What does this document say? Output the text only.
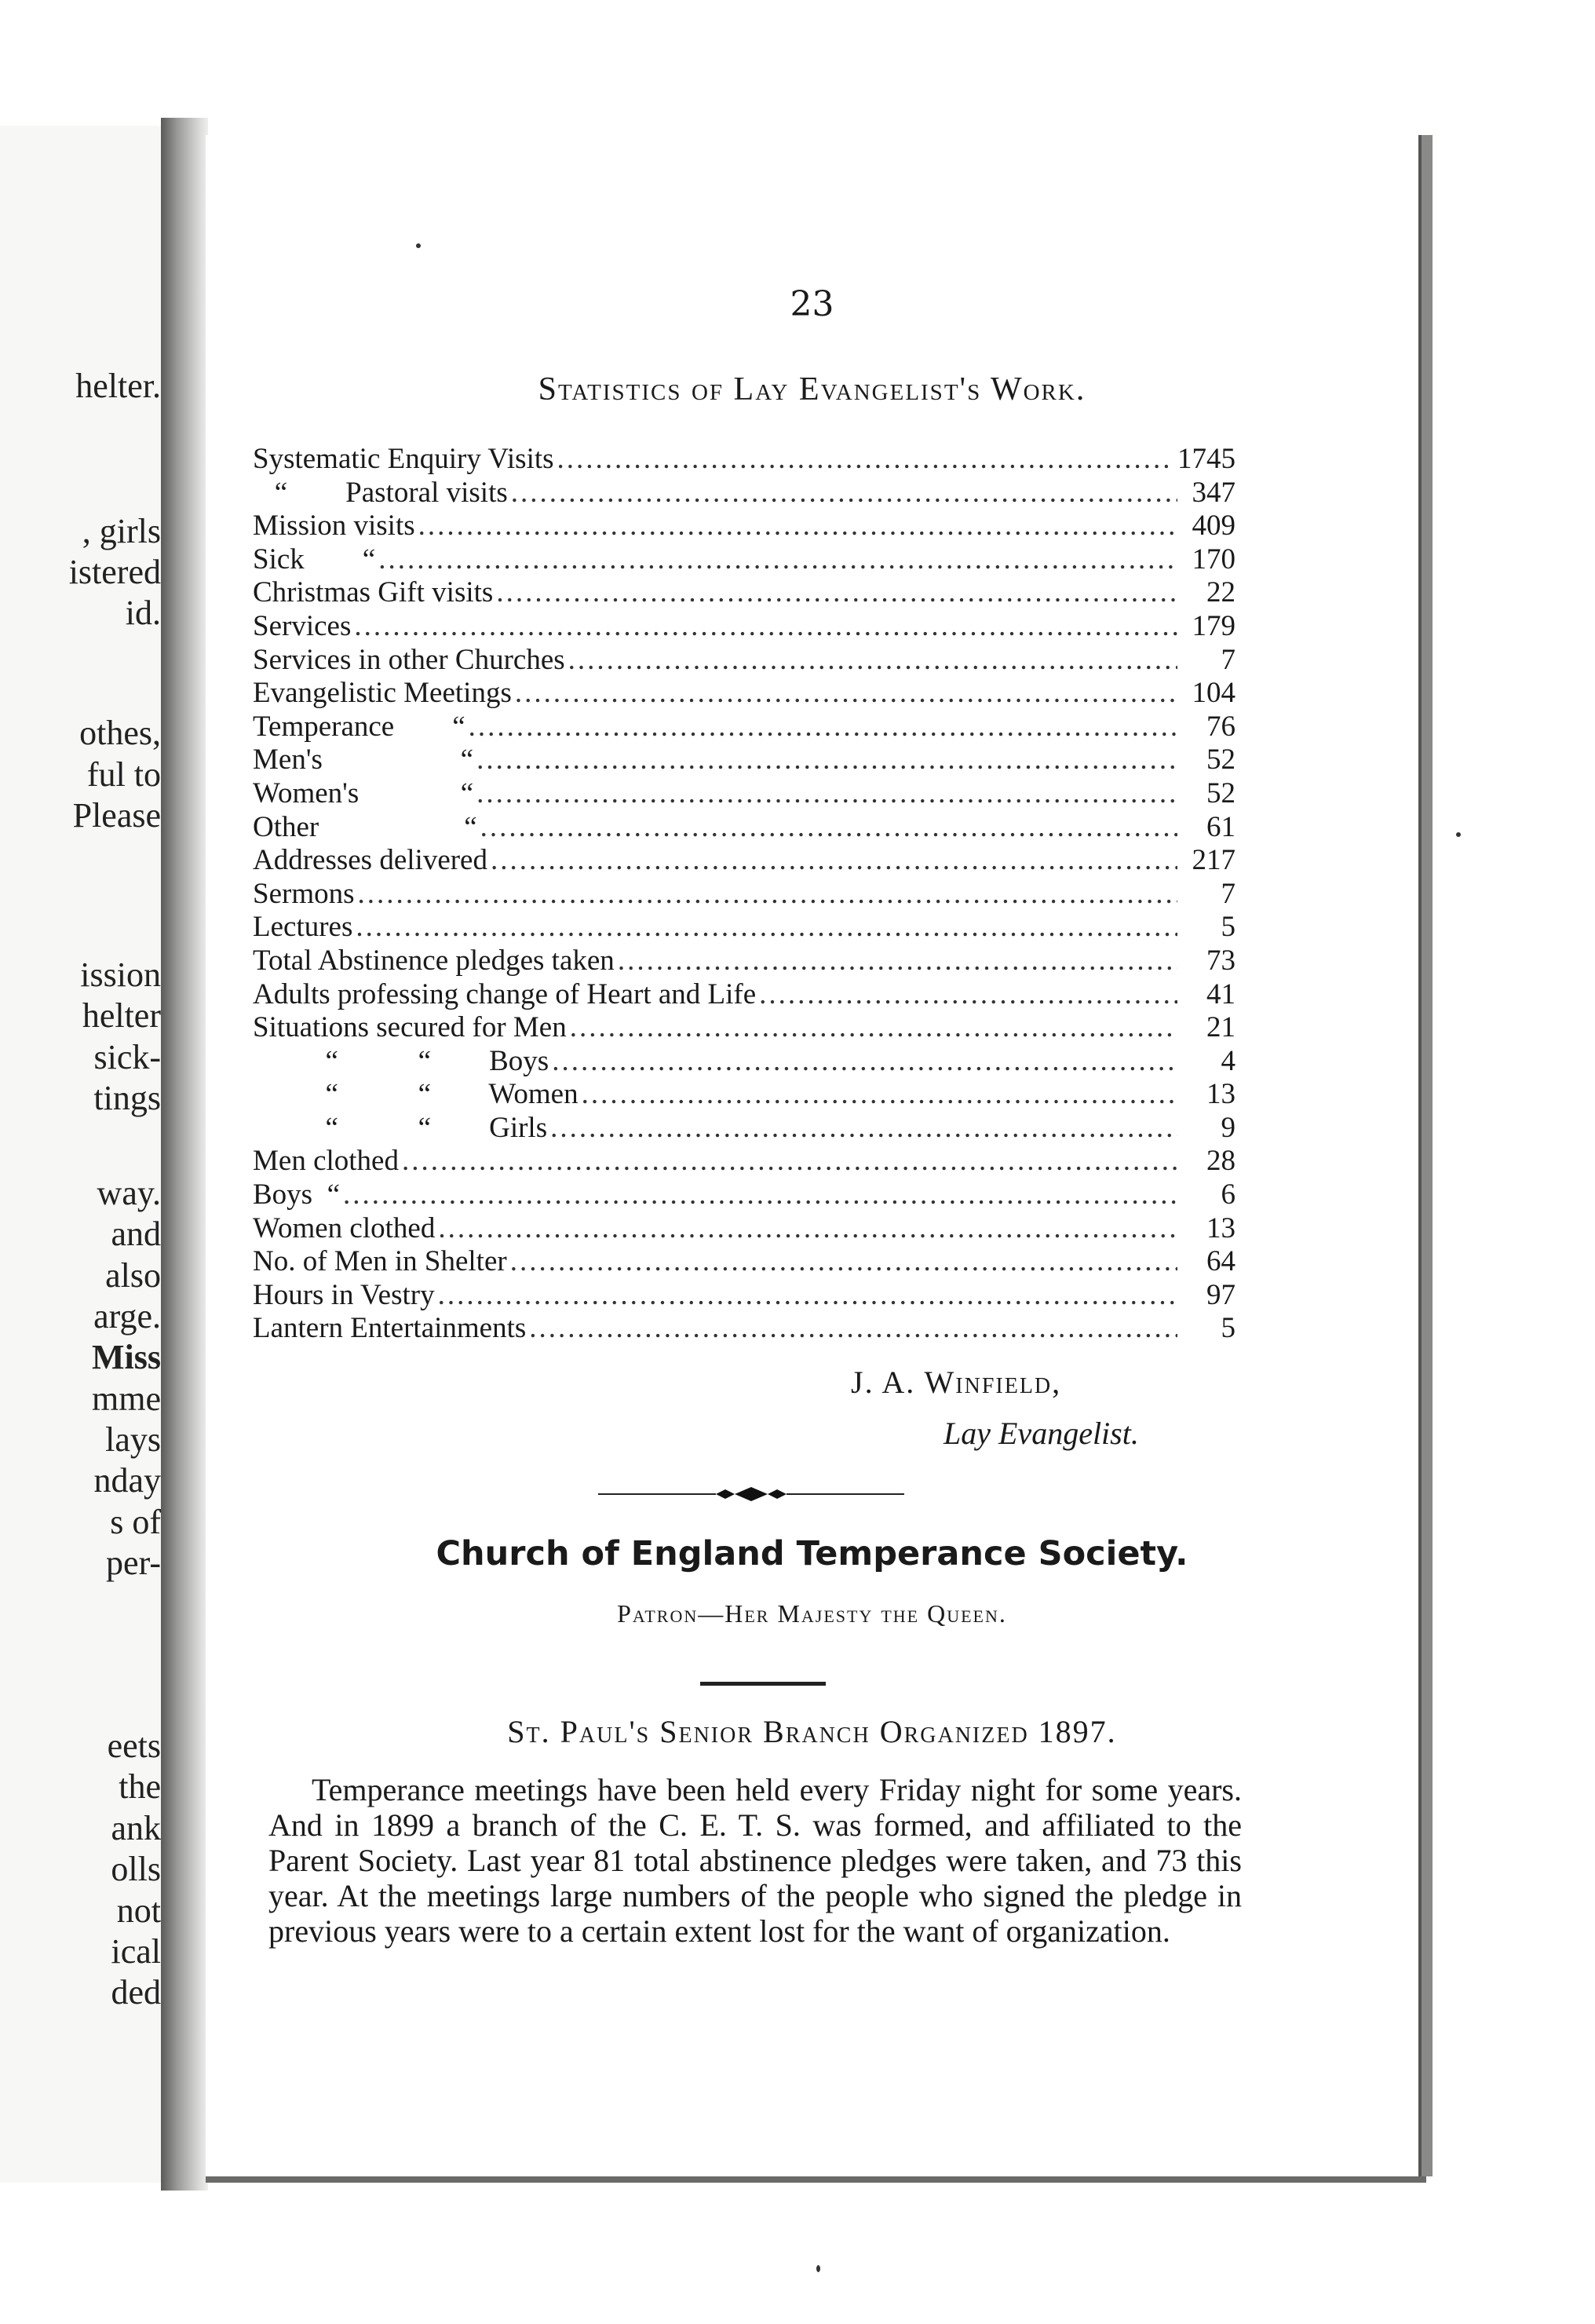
helter.
, girls
istered
id.
othes,
ful to
Please
ission
helter
sick-
tings
way.
and
also
arge.
Miss
mme
lays
nday
s of
per-
eets
the
ank
olls
not
ical
ded
23
Statistics of Lay Evangelist's Work.
Systematic Enquiry Visits .....	1745
“        Pastoral visits .....	347
Mission visits .....	409
Sick        “ .....	170
Christmas Gift visits .....	22
Services .....	179
Services in other Churches .....	7
Evangelistic Meetings .....	104
Temperance        “ .....	76
Men's                   “ .....	52
Women's              “ .....	52
Other                    “ .....	61
Addresses delivered .....	217
Sermons .....	7
Lectures .....	5
Total Abstinence pledges taken .....	73
Adults professing change of Heart and Life .....	41
Situations secured for Men .....	21
“           “        Boys .....	4
“           “        Women .....	13
“           “        Girls .....	9
Men clothed .....	28
Boys  “ .....	6
Women clothed .....	13
No. of Men in Shelter .....	64
Hours in Vestry .....	97
Lantern Entertainments .....	5
J. A. Winfield,
Lay Evangelist.
Church of England Temperance Society.
Patron—Her Majesty the Queen.
St. Paul's Senior Branch Organized 1897.
Temperance meetings have been held every Friday night for some years. And in 1899 a branch of the C. E. T. S. was formed, and affiliated to the Parent Society. Last year 81 total abstinence pledges were taken, and 73 this year. At the meetings large numbers of the people who signed the pledge in previous years were to a certain extent lost for the want of organization.
